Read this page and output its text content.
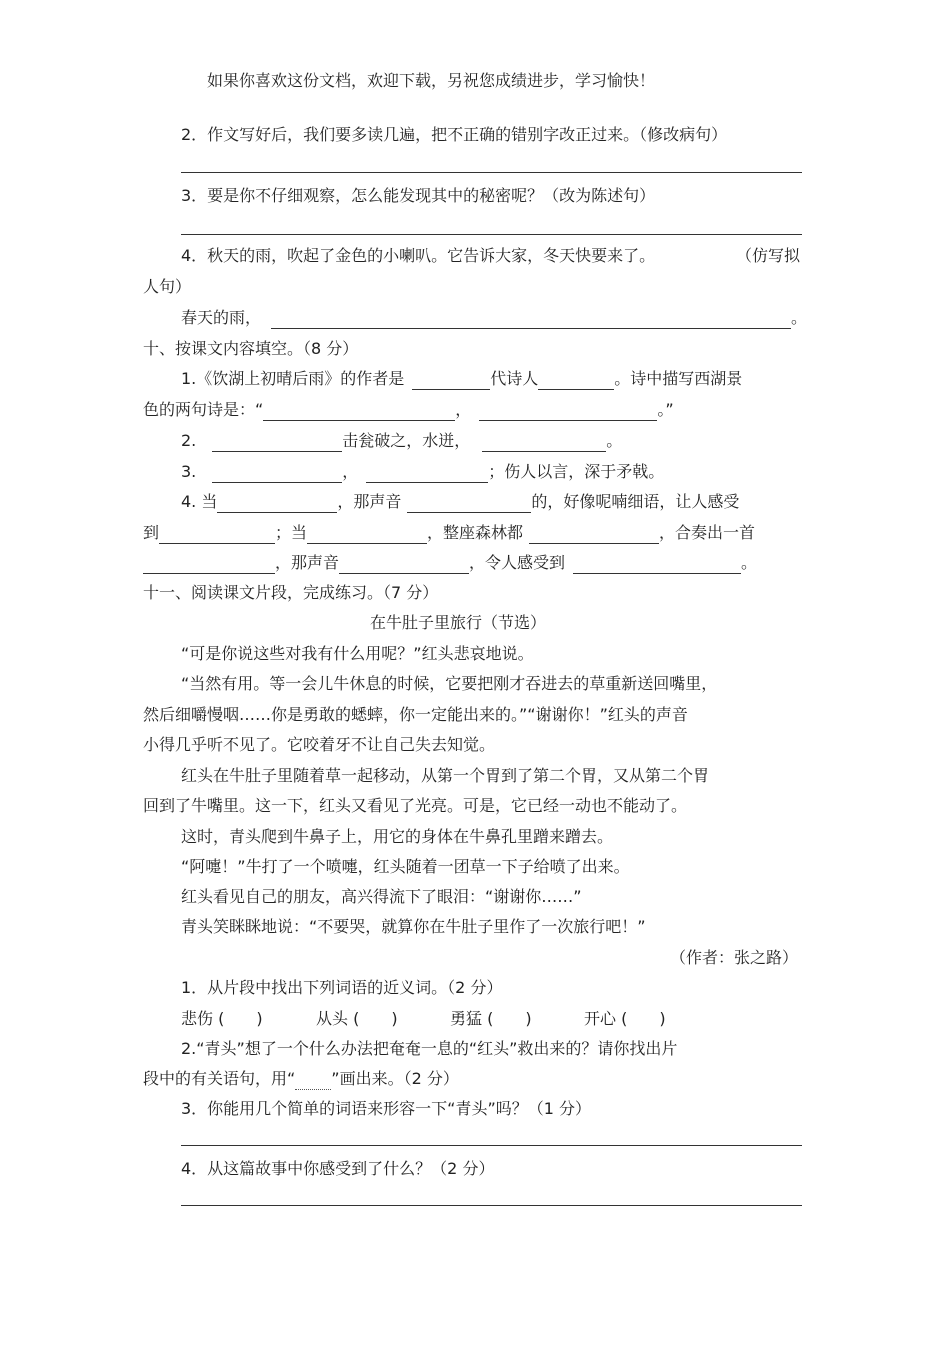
如果你喜欢这份文档，欢迎下载，另祝您成绩进步，学习愉快！
2．作文写好后，我们要多读几遍，把不正确的错别字改正过来。（修改病句）
3．要是你不仔细观察，怎么能发现其中的秘密呢？（改为陈述句）
4．秋天的雨，吹起了金色的小喇叭。它告诉大家，冬天快要来了。	（仿写拟
人句）
春天的雨，	。
十、按课文内容填空。（8 分）
1.《饮湖上初晴后雨》的作者是	代诗人	。诗中描写西湖景
色的两句诗是：“	，	。”
2.	击瓮破之，水迸，	。
3.	，	；伤人以言，深于矛戟。
4. 当	，那声音	的，好像呢喃细语，让人感受
到	；当	，整座森林都	，合奏出一首
，那声音	，令人感受到	。
十一、阅读课文片段，完成练习。（7 分）
在牛肚子里旅行（节选）
“可是你说这些对我有什么用呢？”红头悲哀地说。
“当然有用。等一会儿牛休息的时候，它要把刚才吞进去的草重新送回嘴里，
然后细嚼慢咽……你是勇敢的蟋蟀，你一定能出来的。”“谢谢你！”红头的声音
小得几乎听不见了。它咬着牙不让自己失去知觉。
红头在牛肚子里随着草一起移动，从第一个胃到了第二个胃，又从第二个胃
回到了牛嘴里。这一下，红头又看见了光亮。可是，它已经一动也不能动了。
这时，青头爬到牛鼻子上，用它的身体在牛鼻孔里蹭来蹭去。
“阿嚏！”牛打了一个喷嚏，红头随着一团草一下子给喷了出来。
红头看见自己的朋友，高兴得流下了眼泪：“谢谢你……”
青头笑眯眯地说：“不要哭，就算你在牛肚子里作了一次旅行吧！”
（作者：张之路）
1．从片段中找出下列词语的近义词。（2 分）
悲伤 (　　)	从头 (　　)	勇猛 (　　)	开心 (　　)
2.“青头”想了一个什么办法把奄奄一息的“红头”救出来的？请你找出片
段中的有关语句，用“ ”画出来。（2 分）
3．你能用几个简单的词语来形容一下“青头”吗？（1 分）
4．从这篇故事中你感受到了什么？（2 分）
